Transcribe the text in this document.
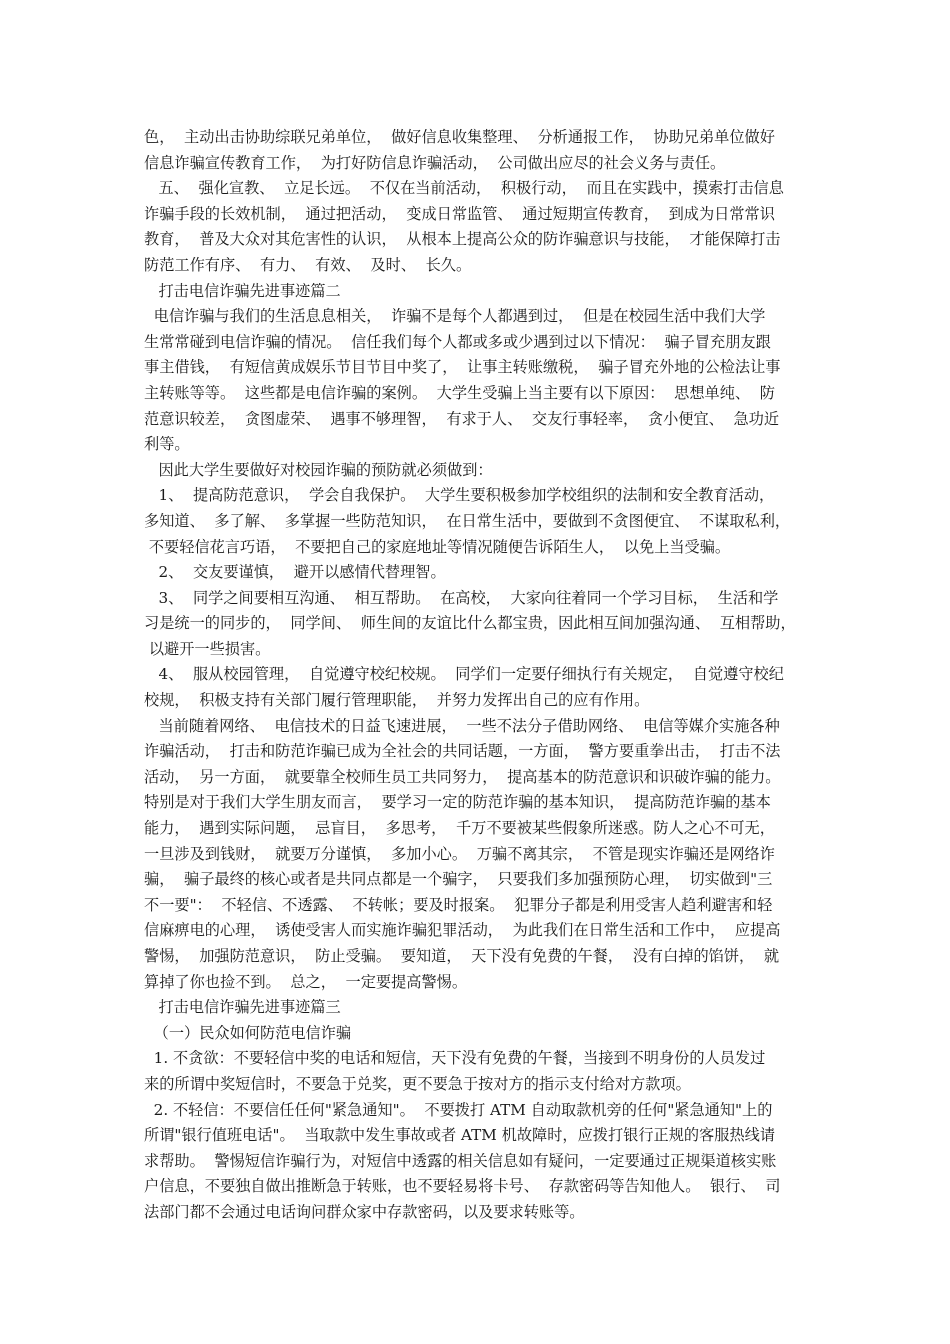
色，  主动出击协助综联兄弟单位，  做好信息收集整理、  分析通报工作，  协助兄弟单位做好
信息诈骗宣传教育工作，  为打好防信息诈骗活动，  公司做出应尽的社会义务与责任。
五、  强化宣教、  立足长远。  不仅在当前活动，  积极行动，  而且在实践中，摸索打击信息
诈骗手段的长效机制，  通过把活动，  变成日常监管、  通过短期宣传教育，  到成为日常常识
教育，  普及大众对其危害性的认识，  从根本上提高公众的防诈骗意识与技能，  才能保障打击
防范工作有序、  有力、  有效、  及时、  长久。
打击电信诈骗先进事迹篇二
电信诈骗与我们的生活息息相关，  诈骗不是每个人都遇到过，  但是在校园生活中我们大学
生常常碰到电信诈骗的情况。  信任我们每个人都或多或少遇到过以下情况：  骗子冒充朋友跟
事主借钱，  有短信黄成娱乐节目节目中奖了，  让事主转账缴税，  骗子冒充外地的公检法让事
主转账等等。  这些都是电信诈骗的案例。  大学生受骗上当主要有以下原因：  思想单纯、  防
范意识较差，  贪图虚荣、  遇事不够理智，  有求于人、  交友行事轻率，  贪小便宜、  急功近
利等。
因此大学生要做好对校园诈骗的预防就必须做到：
1、  提高防范意识，  学会自我保护。  大学生要积极参加学校组织的法制和安全教育活动，
多知道、  多了解、  多掌握一些防范知识，  在日常生活中，要做到不贪图便宜、  不谋取私利，
不要轻信花言巧语，  不要把自己的家庭地址等情况随便告诉陌生人，  以免上当受骗。
2、  交友要谨慎，  避开以感情代替理智。
3、  同学之间要相互沟通、  相互帮助。  在高校，  大家向往着同一个学习目标，  生活和学
习是统一的同步的，  同学间、  师生间的友谊比什么都宝贵，因此相互间加强沟通、  互相帮助，
以避开一些损害。
4、  服从校园管理，  自觉遵守校纪校规。  同学们一定要仔细执行有关规定，  自觉遵守校纪
校规，  积极支持有关部门履行管理职能，  并努力发挥出自己的应有作用。
当前随着网络、  电信技术的日益飞速进展，  一些不法分子借助网络、  电信等媒介实施各种
诈骗活动，  打击和防范诈骗已成为全社会的共同话题，一方面，  警方要重拳出击，  打击不法
活动，  另一方面，  就要靠全校师生员工共同努力，  提高基本的防范意识和识破诈骗的能力。
特别是对于我们大学生朋友而言，  要学习一定的防范诈骗的基本知识，  提高防范诈骗的基本
能力，  遇到实际问题，  忌盲目，  多思考，  千万不要被某些假象所迷惑。防人之心不可无，
一旦涉及到钱财，  就要万分谨慎，  多加小心。  万骗不离其宗，  不管是现实诈骗还是网络诈
骗，  骗子最终的核心或者是共同点都是一个骗字，  只要我们多加强预防心理，  切实做到"三
不一要"：  不轻信、不透露、  不转帐；要及时报案。  犯罪分子都是利用受害人趋利避害和轻
信麻痹电的心理，  诱使受害人而实施诈骗犯罪活动，  为此我们在日常生活和工作中，  应提高
警惕，  加强防范意识，  防止受骗。  要知道，  天下没有免费的午餐，  没有白掉的馅饼，  就
算掉了你也捡不到。  总之，  一定要提高警惕。
打击电信诈骗先进事迹篇三
（一）民众如何防范电信诈骗
1. 不贪欲：不要轻信中奖的电话和短信，天下没有免费的午餐，当接到不明身份的人员发过
来的所谓中奖短信时，不要急于兑奖，更不要急于按对方的指示支付给对方款项。
2. 不轻信：不要信任任何"紧急通知"。  不要拨打 ATM 自动取款机旁的任何"紧急通知"上的
所谓"银行值班电话"。  当取款中发生事故或者 ATM 机故障时，应拨打银行正规的客服热线请
求帮助。  警惕短信诈骗行为，对短信中透露的相关信息如有疑问，一定要通过正规渠道核实账
户信息，不要独自做出推断急于转账，也不要轻易将卡号、  存款密码等告知他人。  银行、  司
法部门都不会通过电话询问群众家中存款密码，以及要求转账等。
